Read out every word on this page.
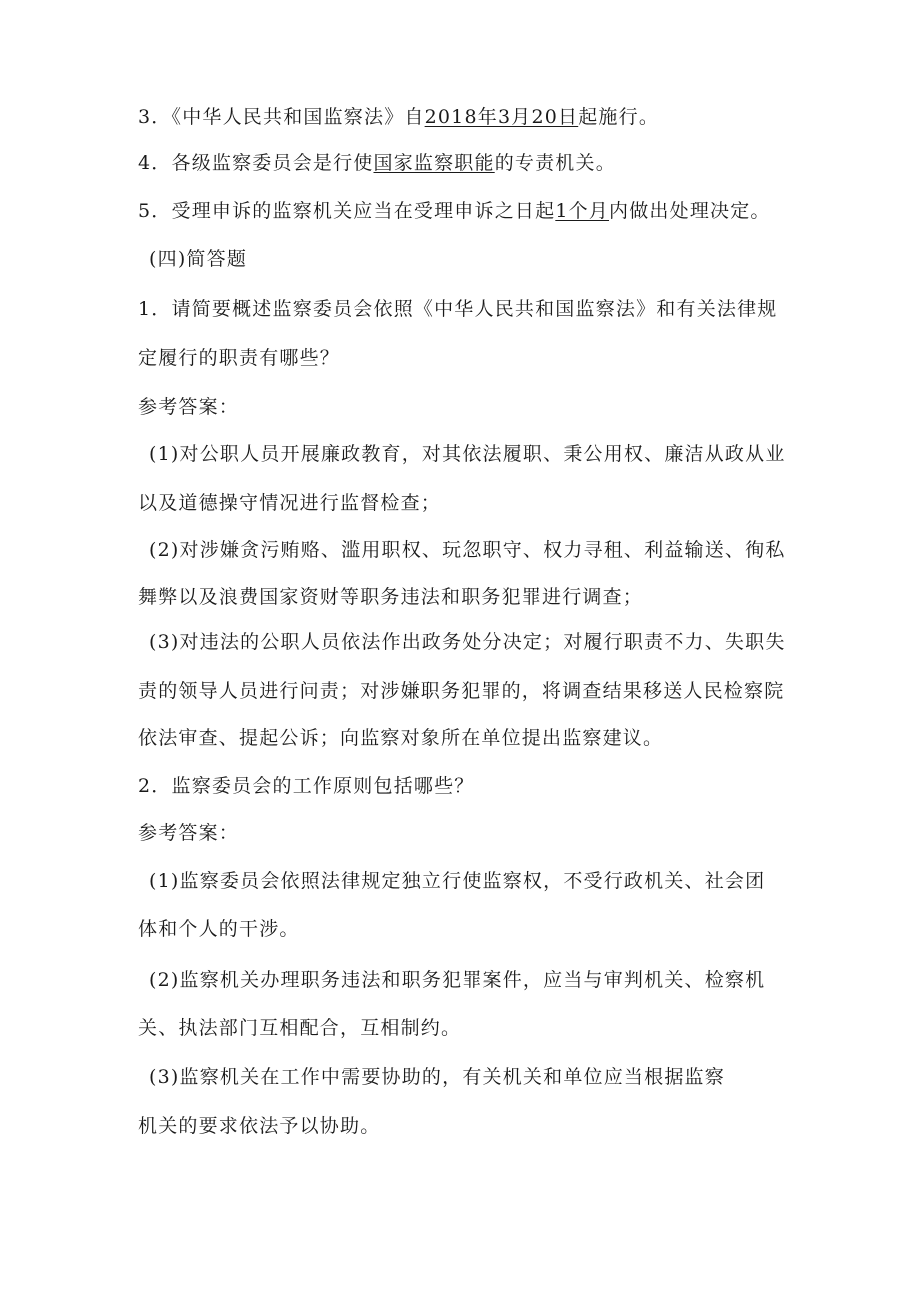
3．《中华人民共和国监察法》自2018年3月20日起施行。
4．各级监察委员会是行使国家监察职能的专责机关。
5．受理申诉的监察机关应当在受理申诉之日起1个月内做出处理决定。
(四)简答题
1．请简要概述监察委员会依照《中华人民共和国监察法》和有关法律规
定履行的职责有哪些？
参考答案：
(1)对公职人员开展廉政教育，对其依法履职、秉公用权、廉洁从政从业
以及道德操守情况进行监督检查；
(2)对涉嫌贪污贿赂、滥用职权、玩忽职守、权力寻租、利益输送、徇私
舞弊以及浪费国家资财等职务违法和职务犯罪进行调查；
(3)对违法的公职人员依法作出政务处分决定；对履行职责不力、失职失
责的领导人员进行问责；对涉嫌职务犯罪的，将调查结果移送人民检察院
依法审查、提起公诉；向监察对象所在单位提出监察建议。
2．监察委员会的工作原则包括哪些？
参考答案：
(1)监察委员会依照法律规定独立行使监察权，不受行政机关、社会团
体和个人的干涉。
(2)监察机关办理职务违法和职务犯罪案件，应当与审判机关、检察机
关、执法部门互相配合，互相制约。
(3)监察机关在工作中需要协助的，有关机关和单位应当根据监察
机关的要求依法予以协助。
